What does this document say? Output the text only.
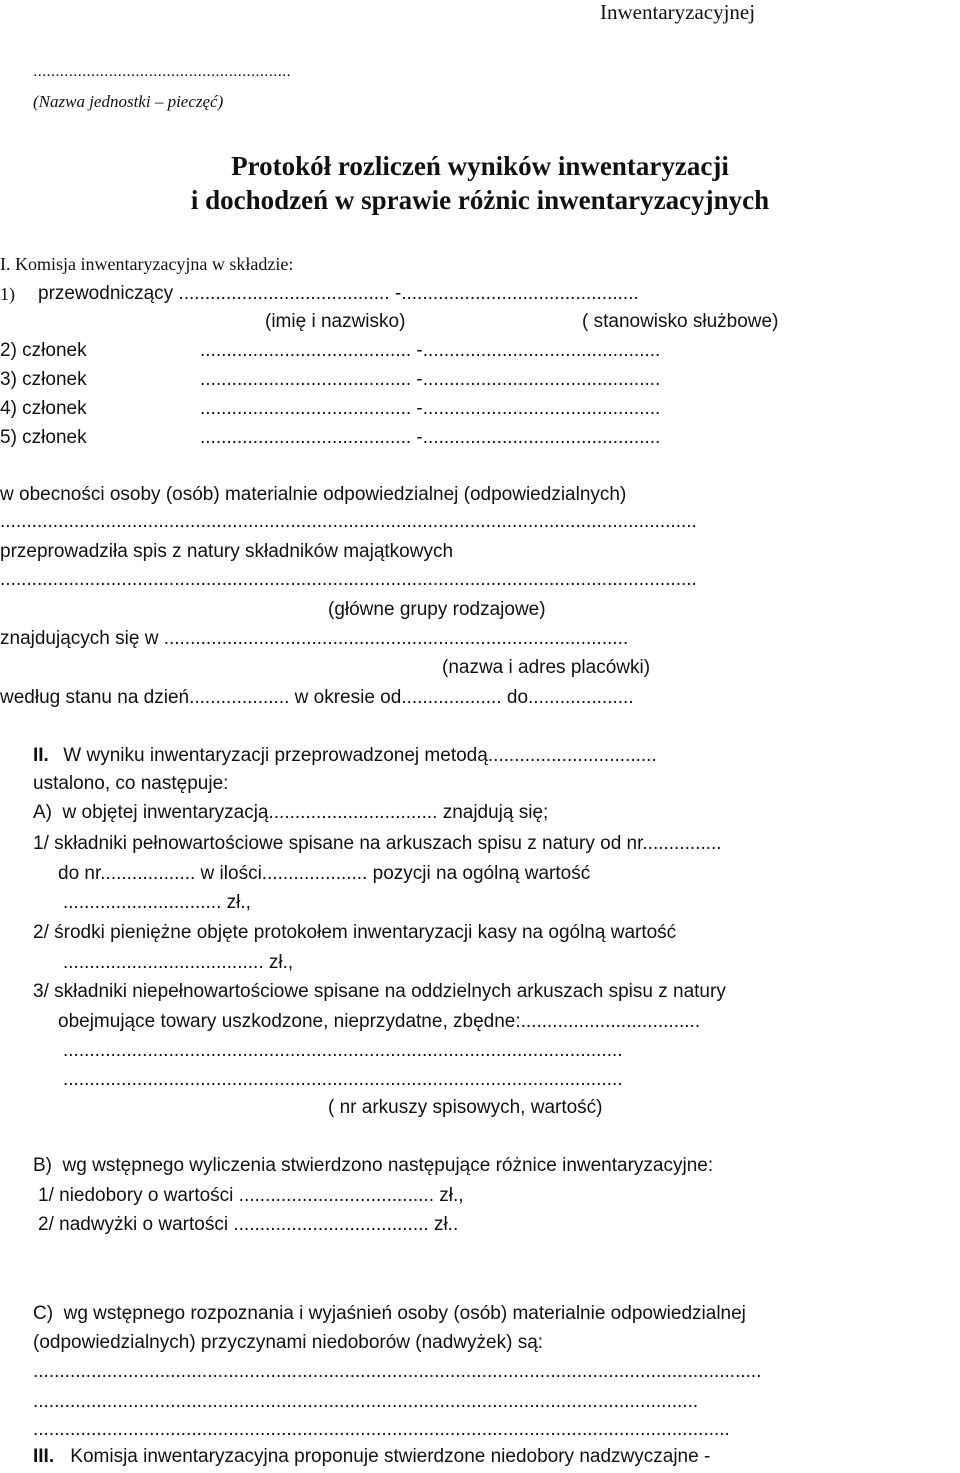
Inwentaryzacyjnej
..........................................................
(Nazwa jednostki – pieczęć)
Protokół rozliczeń wyników inwentaryzacji
i dochodzeń w sprawie różnic inwentaryzacyjnych
I. Komisja inwentaryzacyjna w składzie:
1) przewodniczący ........................................ -.............................................
(imię i nazwisko)	( stanowisko służbowe)
2) członek	........................................ -.............................................
3) członek	........................................ -.............................................
4) członek	........................................ -.............................................
5) członek	........................................ -.............................................
w obecności osoby (osób) materialnie odpowiedzialnej (odpowiedzialnych)
....................................................................................................................................
przeprowadziła spis z natury składników majątkowych
....................................................................................................................................
(główne grupy rodzajowe)
znajdujących się w ........................................................................................
(nazwa i adres placówki)
według stanu na dzień................... w okresie od................... do....................
II. W wyniku inwentaryzacji przeprowadzonej metodą................................
ustalono, co następuje:
A)  w objętej inwentaryzacją................................ znajdują się;
1/ składniki pełnowartościowe spisane na arkuszach spisu z natury od nr...............
do nr.................. w ilości.................... pozycji na ogólną wartość
.............................. zł.,
2/ środki pieniężne objęte protokołem inwentaryzacji kasy na ogólną wartość
...................................... zł.,
3/ składniki niepełnowartościowe spisane na oddzielnych arkuszach spisu z natury
obejmujące towary uszkodzone, nieprzydatne, zbędne:..................................
..........................................................................................................
..........................................................................................................
( nr arkuszy spisowych, wartość)
B)  wg wstępnego wyliczenia stwierdzono następujące różnice inwentaryzacyjne:
1/ niedobory o wartości ..................................... zł.,
2/ nadwyżki o wartości ..................................... zł..
C)  wg wstępnego rozpoznania i wyjaśnień osoby (osób) materialnie odpowiedzialnej
(odpowiedzialnych) przyczynami niedoborów (nadwyżek) są:
..........................................................................................................................................
..............................................................................................................................
....................................................................................................................................
III. Komisja inwentaryzacyjna proponuje stwierdzone niedobory nadzwyczajne -
